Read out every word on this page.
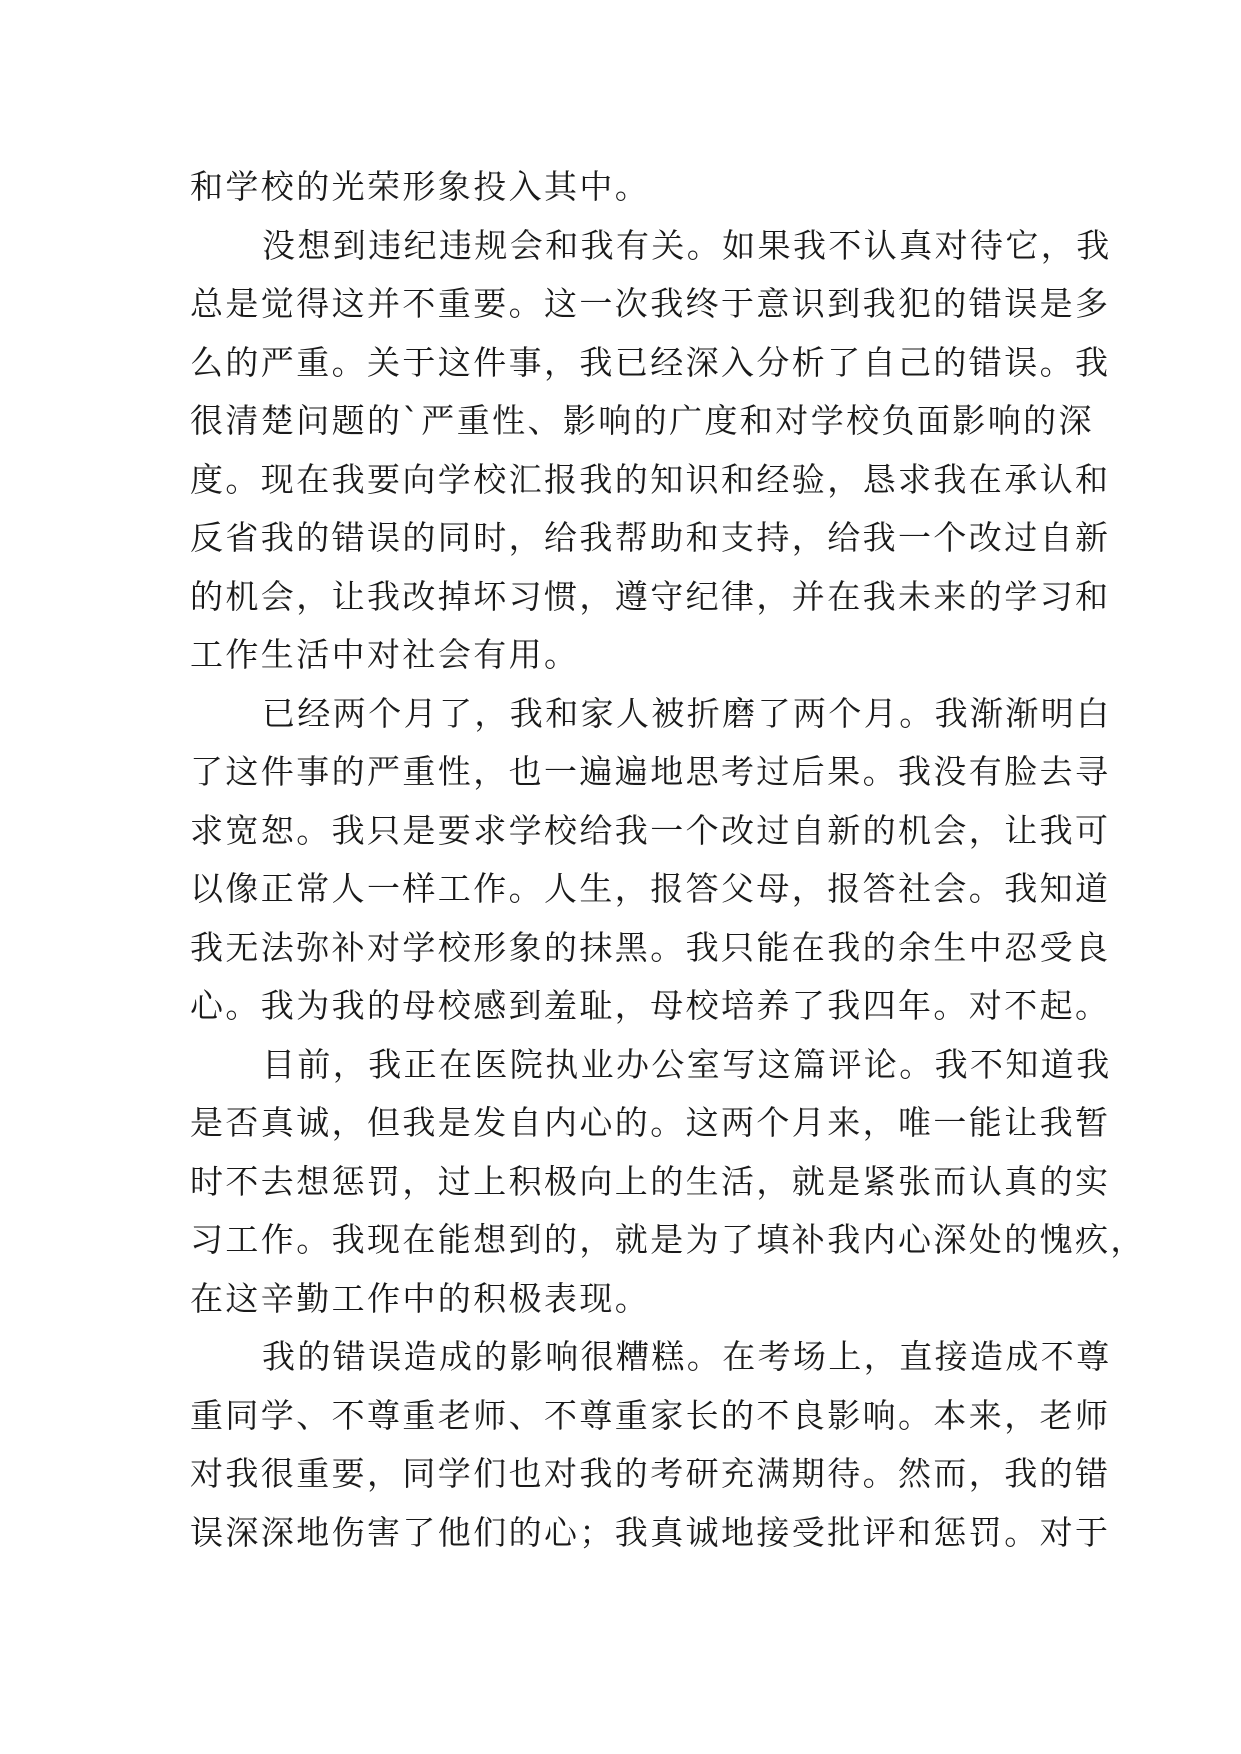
和学校的光荣形象投入其中。
没想到违纪违规会和我有关。如果我不认真对待它，我
总是觉得这并不重要。这一次我终于意识到我犯的错误是多
么的严重。关于这件事，我已经深入分析了自己的错误。我
很清楚问题的`严重性、影响的广度和对学校负面影响的深
度。现在我要向学校汇报我的知识和经验，恳求我在承认和
反省我的错误的同时，给我帮助和支持，给我一个改过自新
的机会，让我改掉坏习惯，遵守纪律，并在我未来的学习和
工作生活中对社会有用。
已经两个月了，我和家人被折磨了两个月。我渐渐明白
了这件事的严重性，也一遍遍地思考过后果。我没有脸去寻
求宽恕。我只是要求学校给我一个改过自新的机会，让我可
以像正常人一样工作。人生，报答父母，报答社会。我知道
我无法弥补对学校形象的抹黑。我只能在我的余生中忍受良
心。我为我的母校感到羞耻，母校培养了我四年。对不起。
目前，我正在医院执业办公室写这篇评论。我不知道我
是否真诚，但我是发自内心的。这两个月来，唯一能让我暂
时不去想惩罚，过上积极向上的生活，就是紧张而认真的实
习工作。我现在能想到的，就是为了填补我内心深处的愧疚，
在这辛勤工作中的积极表现。
我的错误造成的影响很糟糕。在考场上，直接造成不尊
重同学、不尊重老师、不尊重家长的不良影响。本来，老师
对我很重要，同学们也对我的考研充满期待。然而，我的错
误深深地伤害了他们的心；我真诚地接受批评和惩罚。对于
